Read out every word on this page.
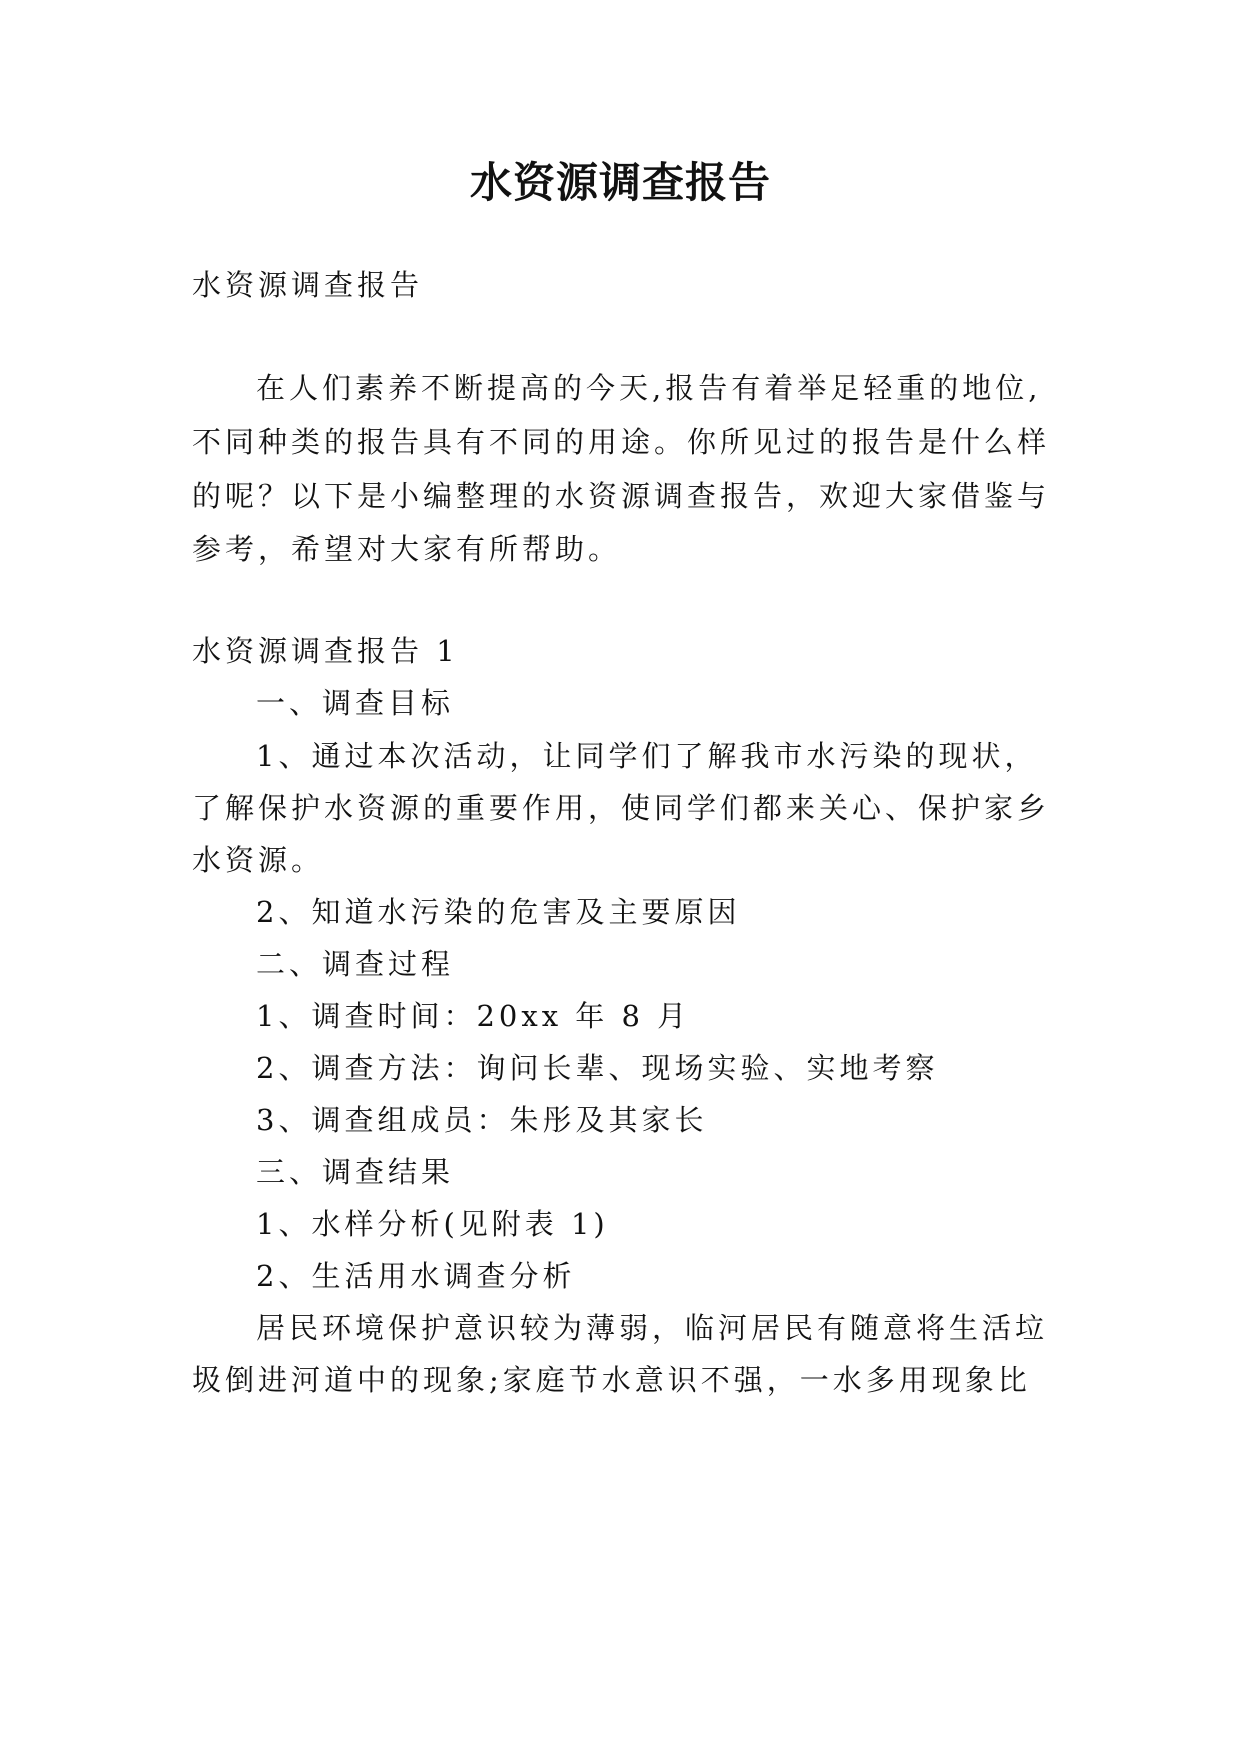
水资源调查报告
水资源调查报告
在人们素养不断提高的今天,报告有着举足轻重的地位,
不同种类的报告具有不同的用途。你所见过的报告是什么样
的呢？以下是小编整理的水资源调查报告，欢迎大家借鉴与
参考，希望对大家有所帮助。
水资源调查报告 1
一、调查目标
1、通过本次活动，让同学们了解我市水污染的现状，
了解保护水资源的重要作用，使同学们都来关心、保护家乡
水资源。
2、知道水污染的危害及主要原因
二、调查过程
1、调查时间：20xx 年 8 月
2、调查方法：询问长辈、现场实验、实地考察
3、调查组成员：朱彤及其家长
三、调查结果
1、水样分析(见附表 1)
2、生活用水调查分析
居民环境保护意识较为薄弱，临河居民有随意将生活垃
圾倒进河道中的现象;家庭节水意识不强，一水多用现象比
